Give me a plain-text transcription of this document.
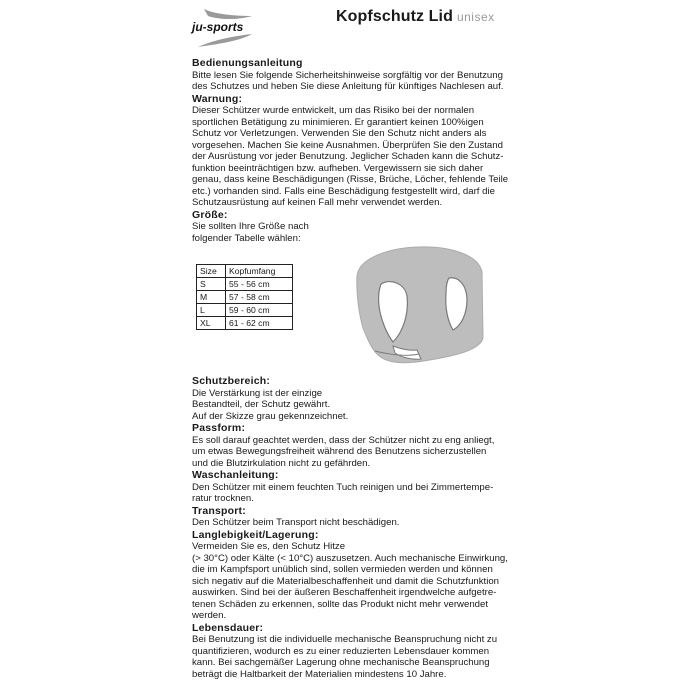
ju-sports
Kopfschutz Lid unisex
Bedienungsanleitung

Bitte lesen Sie folgende Sicherheitshinweise sorgfältig vor der Benutzung

des Schutzes und heben Sie diese Anleitung für künftiges Nachlesen auf.

Warnung:

Dieser Schützer wurde entwickelt, um das Risiko bei der normalen

sportlichen Betätigung zu minimieren. Er garantiert keinen 100%igen

Schutz vor Verletzungen. Verwenden Sie den Schutz nicht anders als

vorgesehen. Machen Sie keine Ausnahmen. Überprüfen Sie den Zustand

der Ausrüstung vor jeder Benutzung. Jeglicher Schaden kann die Schutz-

funktion beeinträchtigen bzw. aufheben. Vergewissern sie sich daher

genau, dass keine Beschädigungen (Risse, Brüche, Löcher, fehlende Teile

etc.) vorhanden sind. Falls eine Beschädigung festgestellt wird, darf die

Schutzausrüstung auf keinen Fall mehr verwendet werden.

Größe:

Sie sollten Ihre Größe nach

folgender Tabelle wählen:

Size	Kopfumfang
S	55 - 56 cm
M	57 - 58 cm
L	59 - 60 cm
XL	61 - 62 cm
Schutzbereich:

Die Verstärkung ist der einzige

Bestandteil, der Schutz gewährt.

Auf der Skizze grau gekennzeichnet.

Passform:

Es soll darauf geachtet werden, dass der Schützer nicht zu eng anliegt,

um etwas Bewegungsfreiheit während des Benutzens sicherzustellen

und die Blutzirkulation nicht zu gefährden.

Waschanleitung:

Den Schützer mit einem feuchten Tuch reinigen und bei Zimmertempe-

ratur trocknen.

Transport:

Den Schützer beim Transport nicht beschädigen.

Langlebigkeit/Lagerung:

Vermeiden Sie es, den Schutz Hitze

(> 30°C) oder Kälte (< 10°C) auszusetzen. Auch mechanische Einwirkung,

die im Kampfsport unüblich sind, sollen vermieden werden und können

sich negativ auf die Materialbeschaffenheit und damit die Schutzfunktion

auswirken. Sind bei der äußeren Beschaffenheit irgendwelche aufgetre-

tenen Schäden zu erkennen, sollte das Produkt nicht mehr verwendet

werden.

Lebensdauer:

Bei Benutzung ist die individuelle mechanische Beanspruchung nicht zu

quantifizieren, wodurch es zu einer reduzierten Lebensdauer kommen

kann. Bei sachgemäßer Lagerung ohne mechanische Beanspruchung

beträgt die Haltbarkeit der Materialien mindestens 10 Jahre.
